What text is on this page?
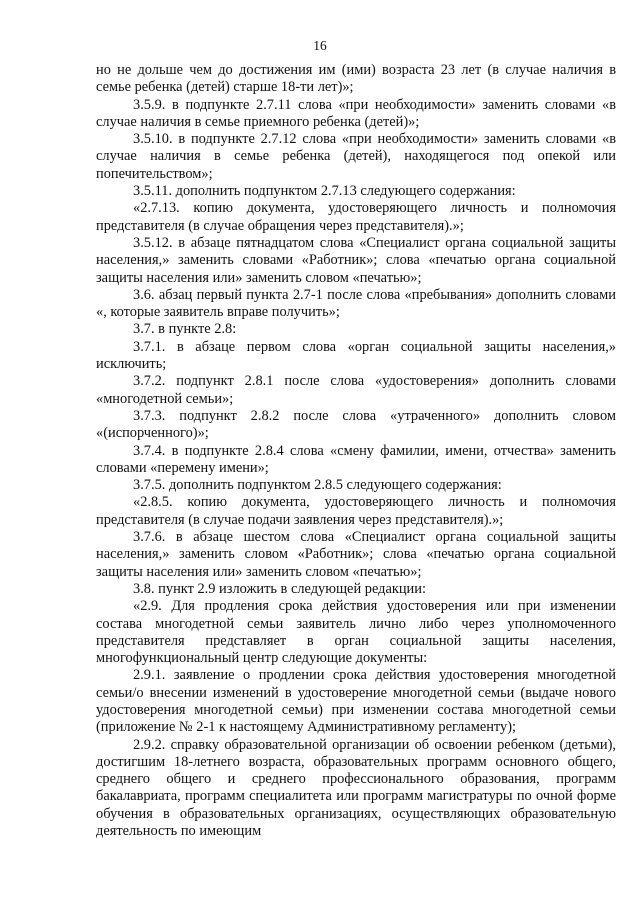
16

но не дольше чем до достижения им (ими) возраста 23 лет (в случае наличия в семье ребенка (детей) старше 18-ти лет)»;

3.5.9. в подпункте 2.7.11 слова «при необходимости» заменить словами «в случае наличия в семье приемного ребенка (детей)»;

3.5.10. в подпункте 2.7.12 слова «при необходимости» заменить словами «в случае наличия в семье ребенка (детей), находящегося под опекой или попечительством»;

3.5.11. дополнить подпунктом 2.7.13 следующего содержания:

«2.7.13. копию документа, удостоверяющего личность и полномочия представителя (в случае обращения через представителя).»;

3.5.12. в абзаце пятнадцатом слова «Специалист органа социальной защиты населения,» заменить словами «Работник»; слова «печатью органа социальной защиты населения или» заменить словом «печатью»;

3.6. абзац первый пункта 2.7-1 после слова «пребывания» дополнить словами «, которые заявитель вправе получить»;

3.7. в пункте 2.8:

3.7.1. в абзаце первом слова «орган социальной защиты населения,» исключить;

3.7.2. подпункт 2.8.1 после слова «удостоверения» дополнить словами «многодетной семьи»;

3.7.3. подпункт 2.8.2 после слова «утраченного» дополнить словом «(испорченного)»;

3.7.4. в подпункте 2.8.4 слова «смену фамилии, имени, отчества» заменить словами «перемену имени»;

3.7.5. дополнить подпунктом 2.8.5 следующего содержания:

«2.8.5. копию документа, удостоверяющего личность и полномочия представителя (в случае подачи заявления через представителя).»;

3.7.6. в абзаце шестом слова «Специалист органа социальной защиты населения,» заменить словом «Работник»; слова «печатью органа социальной защиты населения или» заменить словом «печатью»;

3.8. пункт 2.9 изложить в следующей редакции:

«2.9. Для продления срока действия удостоверения или при изменении состава многодетной семьи заявитель лично либо через уполномоченного представителя представляет в орган социальной защиты населения, многофункциональный центр следующие документы:

2.9.1. заявление о продлении срока действия удостоверения многодетной семьи/о внесении изменений в удостоверение многодетной семьи (выдаче нового удостоверения многодетной семьи) при изменении состава многодетной семьи (приложение № 2-1 к настоящему Административному регламенту);

2.9.2. справку образовательной организации об освоении ребенком (детьми), достигшим 18-летнего возраста, образовательных программ основного общего, среднего общего и среднего профессионального образования, программ бакалавриата, программ специалитета или программ магистратуры по очной форме обучения в образовательных организациях, осуществляющих образовательную деятельность по имеющим
